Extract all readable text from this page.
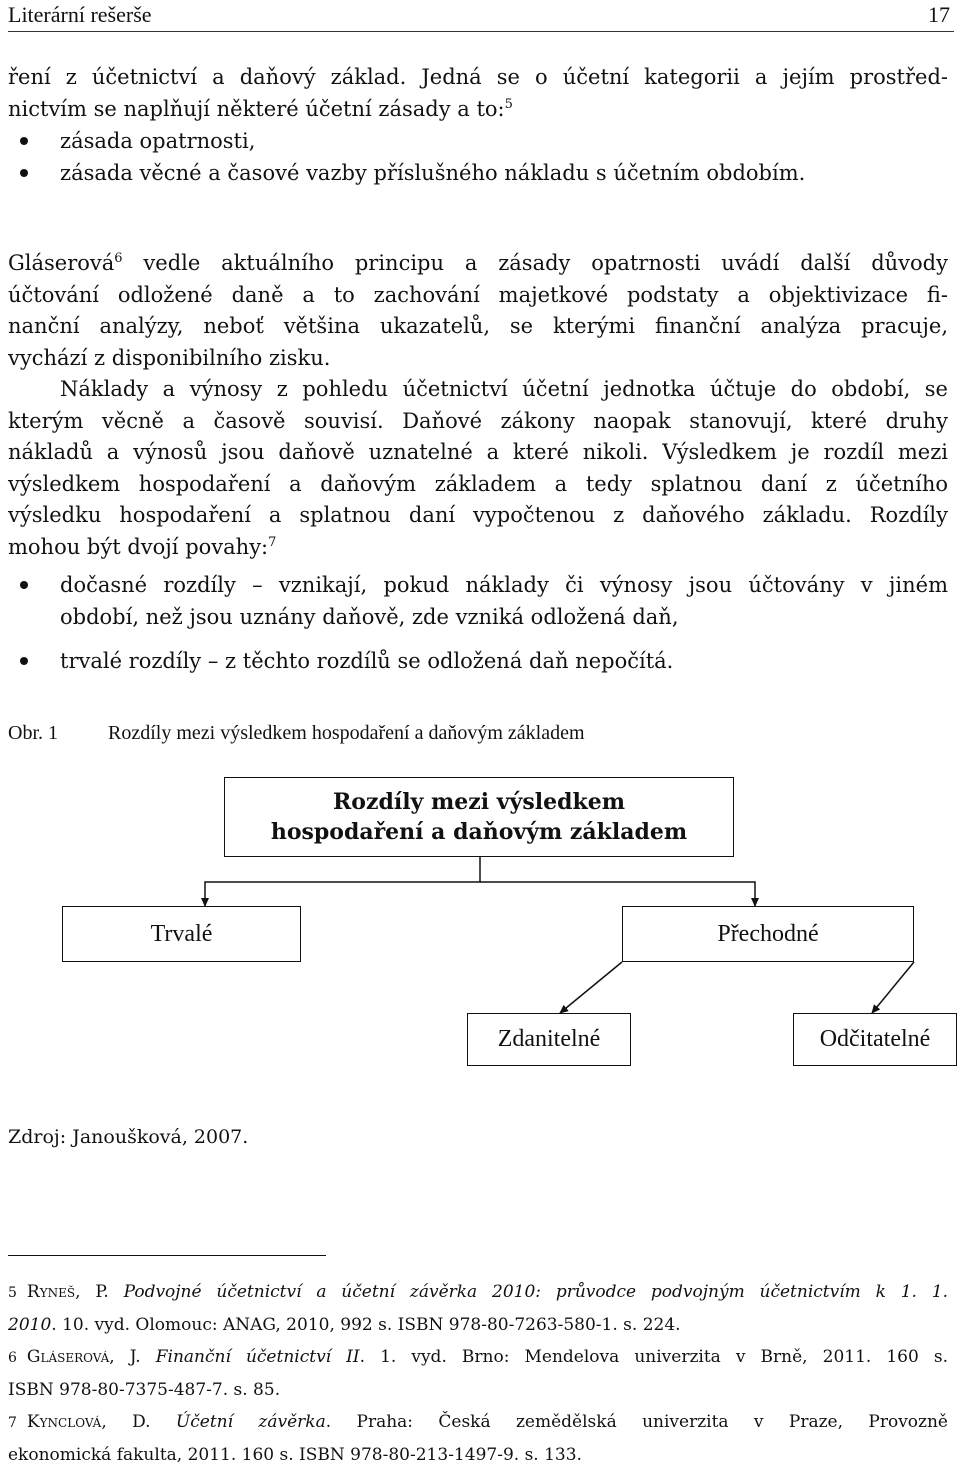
Literární rešerše	17
ření z účetnictví a daňový základ. Jedná se o účetní kategorii a jejím prostřed-
nictvím se naplňují některé účetní zásady a to:$^5$
zásada opatrnosti,
zásada věcné a časové vazby příslušného nákladu s účetním obdobím.
Gláserová$^6$ vedle aktuálního principu a zásady opatrnosti uvádí další důvody
účtování odložené daně a to zachování majetkové podstaty a objektivizace fi-
nanční analýzy, neboť většina ukazatelů, se kterými finanční analýza pracuje,
vychází z disponibilního zisku.
Náklady a výnosy z pohledu účetnictví účetní jednotka účtuje do období, se
kterým věcně a časově souvisí. Daňové zákony naopak stanovují, které druhy
nákladů a výnosů jsou daňově uznatelné a které nikoli. Výsledkem je rozdíl mezi
výsledkem hospodaření a daňovým základem a tedy splatnou daní z účetního
výsledku hospodaření a splatnou daní vypočtenou z daňového základu. Rozdíly
mohou být dvojí povahy:$^7$
dočasné rozdíly – vznikají, pokud náklady či výnosy jsou účtovány v jiném
období, než jsou uznány daňově, zde vzniká odložená daň,
trvalé rozdíly – z těchto rozdílů se odložená daň nepočítá.
Obr. 1	Rozdíly mezi výsledkem hospodaření a daňovým základem
Rozdíly mezi výsledkem
hospodaření a daňovým základem
Trvalé	Přechodné
Zdanitelné	Odčitatelné
Zdroj: Janoušková, 2007.
5 Ryneš, P. Podvojné účetnictví a účetní závěrka 2010: průvodce podvojným účetnictvím k 1. 1.
2010. 10. vyd. Olomouc: ANAG, 2010, 992 s. ISBN 978-80-7263-580-1. s. 224.
6 Gláserová, J. Finanční účetnictví II. 1. vyd. Brno: Mendelova univerzita v Brně, 2011. 160 s.
ISBN 978-80-7375-487-7. s. 85.
7 Kynclová, D. Účetní závěrka. Praha: Česká zemědělská univerzita v Praze, Provozně
ekonomická fakulta, 2011. 160 s. ISBN 978-80-213-1497-9. s. 133.
